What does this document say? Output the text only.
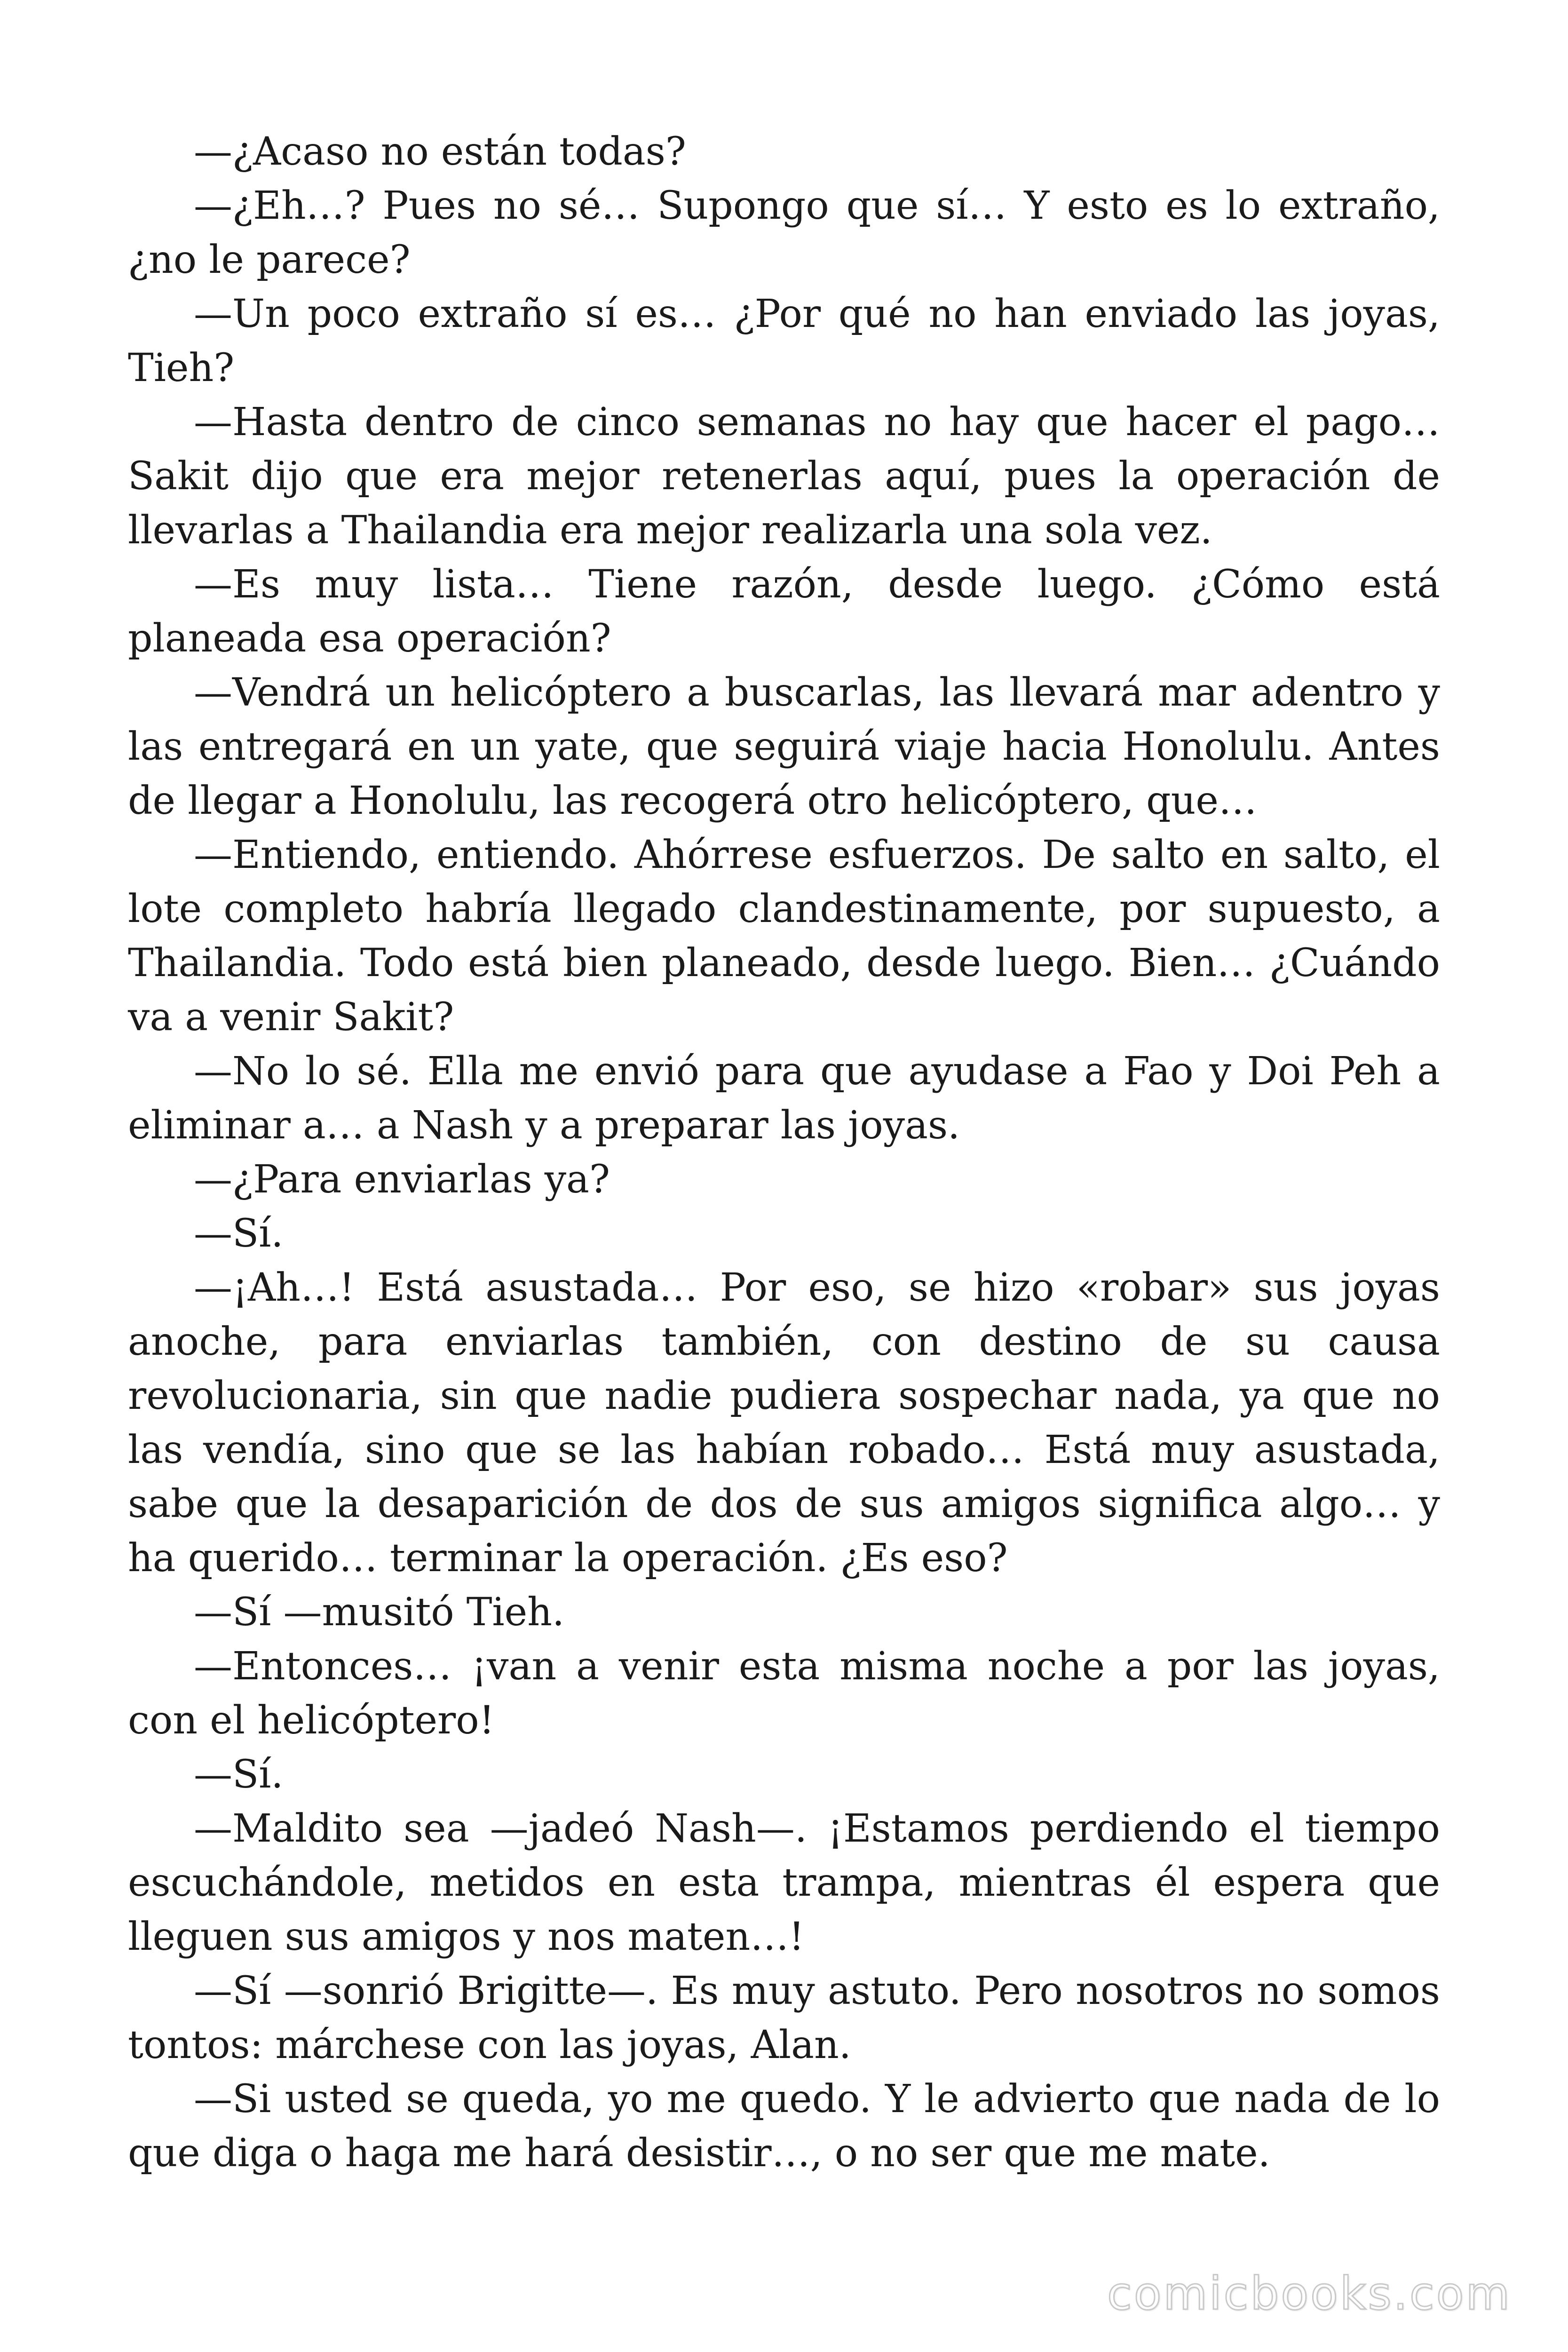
—¿Acaso no están todas?

—¿Eh…? Pues no sé… Supongo que sí… Y esto es lo extraño, ¿no le parece?

—Un poco extraño sí es… ¿Por qué no han enviado las joyas, Tieh?

—Hasta dentro de cinco semanas no hay que hacer el pago… Sakit dijo que era mejor retenerlas aquí, pues la operación de llevarlas a Thailandia era mejor realizarla una sola vez.

—Es muy lista… Tiene razón, desde luego. ¿Cómo está planeada esa operación?

—Vendrá un helicóptero a buscarlas, las llevará mar adentro y las entregará en un yate, que seguirá viaje hacia Honolulu. Antes de llegar a Honolulu, las recogerá otro helicóptero, que…

—Entiendo, entiendo. Ahórrese esfuerzos. De salto en salto, el lote completo habría llegado clandestinamente, por supuesto, a Thailandia. Todo está bien planeado, desde luego. Bien… ¿Cuándo va a venir Sakit?

—No lo sé. Ella me envió para que ayudase a Fao y Doi Peh a eliminar a… a Nash y a preparar las joyas.

—¿Para enviarlas ya?

—Sí.

—¡Ah…! Está asustada… Por eso, se hizo «robar» sus joyas anoche, para enviarlas también, con destino de su causa revolucionaria, sin que nadie pudiera sospechar nada, ya que no las vendía, sino que se las habían robado… Está muy asustada, sabe que la desaparición de dos de sus amigos significa algo… y ha querido… terminar la operación. ¿Es eso?

—Sí —musitó Tieh.

—Entonces… ¡van a venir esta misma noche a por las joyas, con el helicóptero!

—Sí.

—Maldito sea —jadeó Nash—. ¡Estamos perdiendo el tiempo escuchándole, metidos en esta trampa, mientras él espera que lleguen sus amigos y nos maten…!

—Sí —sonrió Brigitte—. Es muy astuto. Pero nosotros no somos tontos: márchese con las joyas, Alan.

—Si usted se queda, yo me quedo. Y le advierto que nada de lo que diga o haga me hará desistir…, o no ser que me mate.

comicbooks.com
